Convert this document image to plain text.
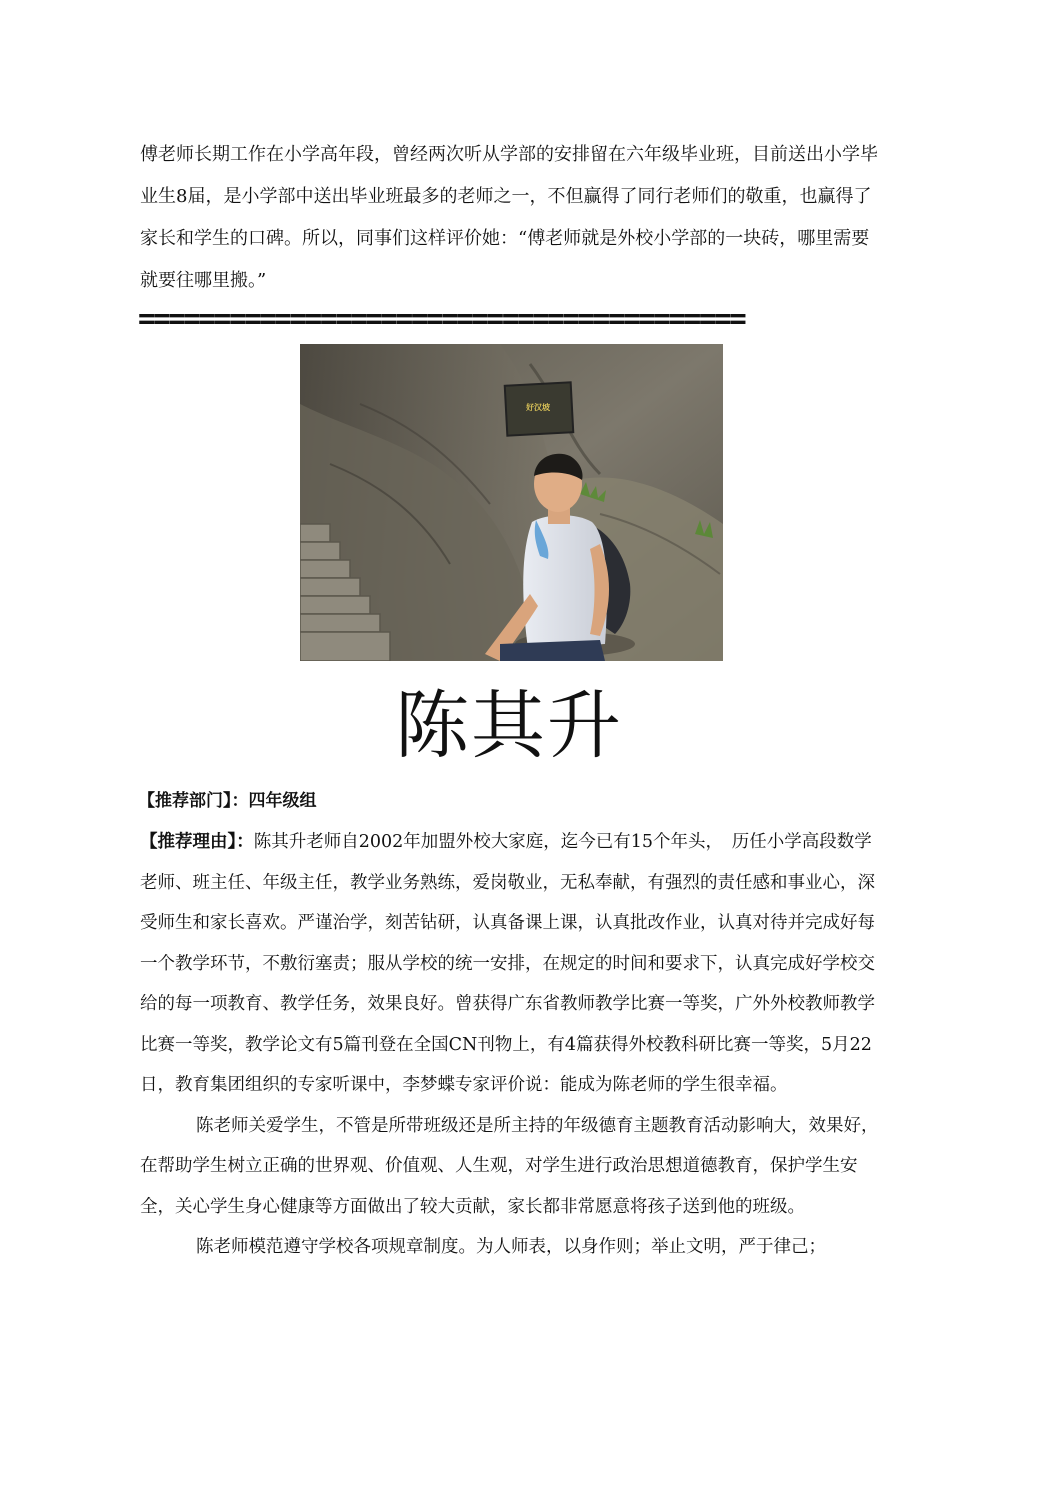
傅老师长期工作在小学高年段，曾经两次听从学部的安排留在六年级毕业班，目前送出小学毕业生8届，是小学部中送出毕业班最多的老师之一，不但赢得了同行老师们的敬重，也赢得了家长和学生的口碑。所以，同事们这样评价她：“傅老师就是外校小学部的一块砖，哪里需要就要往哪里搬。”

========================================
好汉坡
陈其升
【推荐部门】：四年级组

【推荐理由】：陈其升老师自2002年加盟外校大家庭，迄今已有15个年头，　历任小学高段数学老师、班主任、年级主任，教学业务熟练，爱岗敬业，无私奉献，有强烈的责任感和事业心，深受师生和家长喜欢。严谨治学，刻苦钻研，认真备课上课，认真批改作业，认真对待并完成好每一个教学环节，不敷衍塞责；服从学校的统一安排，在规定的时间和要求下，认真完成好学校交给的每一项教育、教学任务，效果良好。曾获得广东省教师教学比赛一等奖，广外外校教师教学比赛一等奖，教学论文有5篇刊登在全国CN刊物上，有4篇获得外校教科研比赛一等奖，5月22日，教育集团组织的专家听课中，李梦蝶专家评价说：能成为陈老师的学生很幸福。

陈老师关爱学生，不管是所带班级还是所主持的年级德育主题教育活动影响大，效果好，在帮助学生树立正确的世界观、价值观、人生观，对学生进行政治思想道德教育，保护学生安全，关心学生身心健康等方面做出了较大贡献，家长都非常愿意将孩子送到他的班级。

陈老师模范遵守学校各项规章制度。为人师表，以身作则；举止文明，严于律己；
